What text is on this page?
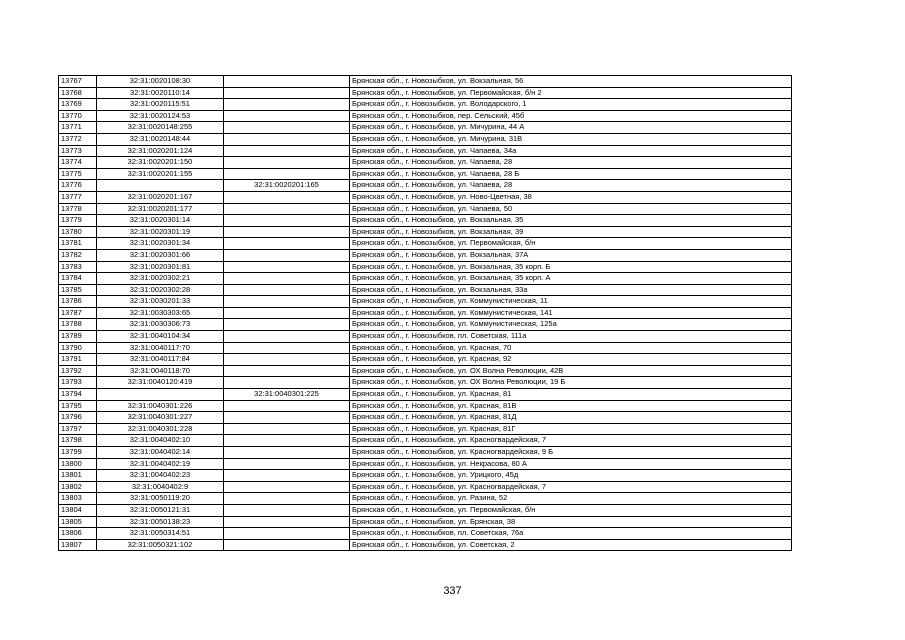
13767	32:31:0020108:30		Брянская обл., г. Новозыбков, ул. Вокзальная, 56
13768	32:31:0020110:14		Брянская обл., г. Новозыбков, ул. Первомайская, б/н 2
13769	32:31:0020115:51		Брянская обл., г. Новозыбков, ул. Володарского, 1
13770	32:31:0020124:53		Брянская обл., г. Новозыбков, пер. Сельский, 45б
13771	32:31:0020148:255		Брянская обл., г. Новозыбков, ул. Мичурина, 44 А
13772	32:31:0020148:44		Брянская обл., г. Новозыбков, ул. Мичурина, 31В
13773	32:31:0020201:124		Брянская обл., г. Новозыбков, ул. Чапаева, 34а
13774	32:31:0020201:150		Брянская обл., г. Новозыбков, ул. Чапаева, 28
13775	32:31:0020201:155		Брянская обл., г. Новозыбков, ул. Чапаева, 28 Б
13776		32:31:0020201:165	Брянская обл., г. Новозыбков, ул. Чапаева, 28
13777	32:31:0020201:167		Брянская обл., г. Новозыбков, ул. Ново-Цветная, 38
13778	32:31:0020201:177		Брянская обл., г. Новозыбков, ул. Чапаева, 50
13779	32:31:0020301:14		Брянская обл., г. Новозыбков, ул. Вокзальная, 35
13780	32:31:0020301:19		Брянская обл., г. Новозыбков, ул. Вокзальная, 39
13781	32:31:0020301:34		Брянская обл., г. Новозыбков, ул. Первомайская, б/н
13782	32:31:0020301:66		Брянская обл., г. Новозыбков, ул. Вокзальная, 37А
13783	32:31:0020301:81		Брянская обл., г. Новозыбков, ул. Вокзальная, 35 корп. Б
13784	32:31:0020302:21		Брянская обл., г. Новозыбков, ул. Вокзальная, 35 корп. А
13785	32:31:0020302:28		Брянская обл., г. Новозыбков, ул. Вокзальная, 33а
13786	32:31:0030201:33		Брянская обл., г. Новозыбков, ул. Коммунистическая, 11
13787	32:31:0030303:65		Брянская обл., г. Новозыбков, ул. Коммунистическая, 141
13788	32:31:0030306:73		Брянская обл., г. Новозыбков, ул. Коммунистическая, 125а
13789	32:31:0040104:34		Брянская обл., г. Новозыбков, пл. Советская, 111а
13790	32:31:0040117:70		Брянская обл., г. Новозыбков, ул. Красная, 70
13791	32:31:0040117:84		Брянская обл., г. Новозыбков, ул. Красная, 92
13792	32:31:0040118:70		Брянская обл., г. Новозыбков, ул. ОХ Волна Революции, 42В
13793	32:31:0040120:419		Брянская обл., г. Новозыбков, ул. ОХ Волна Революции, 19 Б
13794		32:31:0040301:225	Брянская обл., г. Новозыбков, ул. Красная, 81
13795	32:31:0040301:226		Брянская обл., г. Новозыбков, ул. Красная, 81В
13796	32:31:0040301:227		Брянская обл., г. Новозыбков, ул. Красная, 81Д
13797	32:31:0040301:228		Брянская обл., г. Новозыбков, ул. Красная, 81Г
13798	32:31:0040402:10		Брянская обл., г. Новозыбков, ул. Красногвардейская, 7
13799	32:31:0040402:14		Брянская обл., г. Новозыбков, ул. Красногвардейская, 9 Б
13800	32:31:0040402:19		Брянская обл., г. Новозыбков, ул. Некрасова, 80 А
13801	32:31:0040402:23		Брянская обл., г. Новозыбков, ул. Урицкого, 45д
13802	32:31:0040402:9		Брянская обл., г. Новозыбков, ул. Красногвардейская, 7
13803	32:31:0050119:20		Брянская обл., г. Новозыбков, ул. Разина, 52
13804	32:31:0050121:31		Брянская обл., г. Новозыбков, ул. Первомайская, б/н
13805	32:31:0050138:23		Брянская обл., г. Новозыбков, ул. Брянская, 38
13806	32:31:0050314:51		Брянская обл., г. Новозыбков, пл. Советская, 76а
13807	32:31:0050321:102		Брянская обл., г. Новозыбков, ул. Советская, 2
337
